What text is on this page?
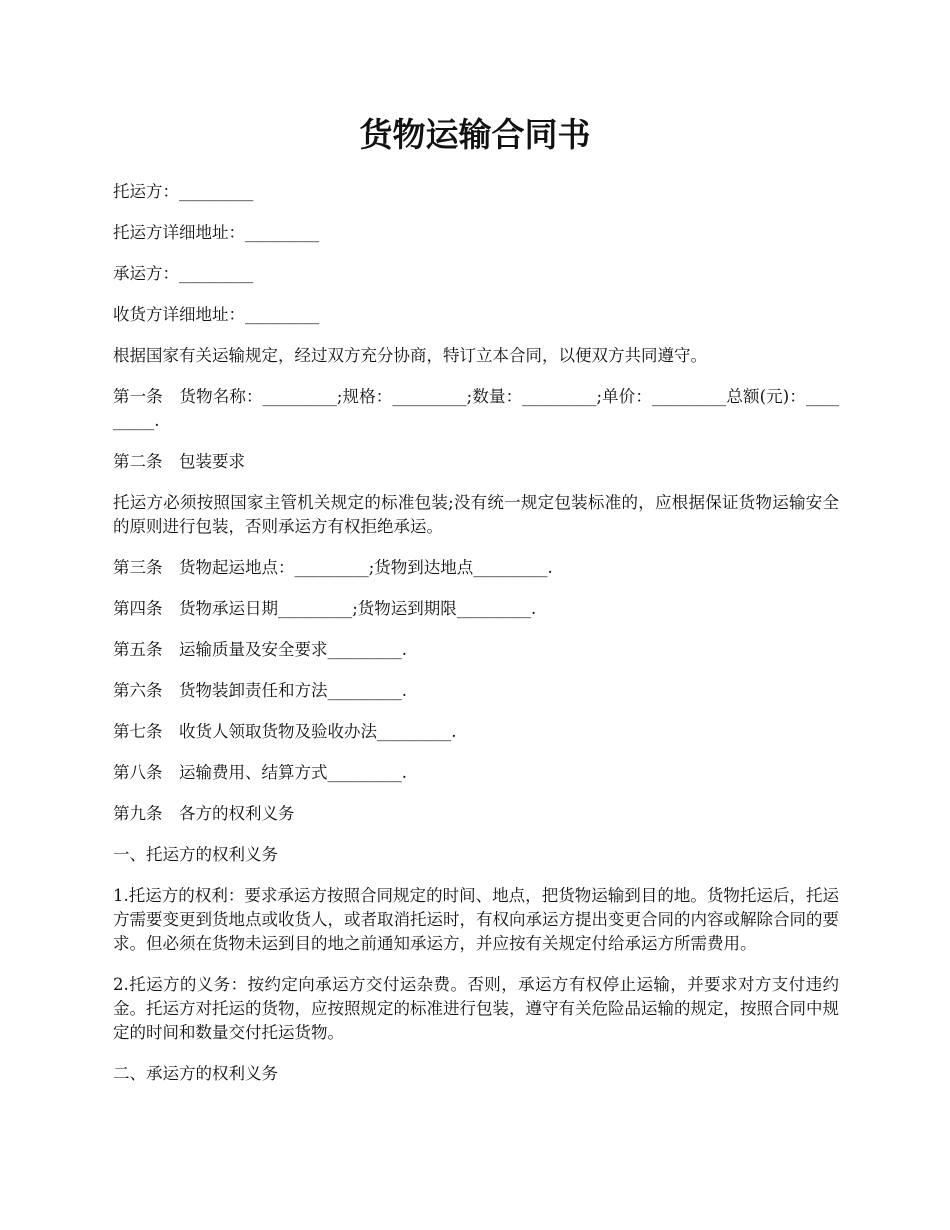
货物运输合同书

托运方：_________

托运方详细地址：_________

承运方：_________

收货方详细地址：_________

根据国家有关运输规定，经过双方充分协商，特订立本合同，以便双方共同遵守。

第一条　货物名称：_________;规格：_________;数量：_________;单价：_________总额(元)：_________.

第二条　包装要求

托运方必须按照国家主管机关规定的标准包装;没有统一规定包装标准的，应根据保证货物运输安全的原则进行包装，否则承运方有权拒绝承运。

第三条　货物起运地点：_________;货物到达地点_________.

第四条　货物承运日期_________;货物运到期限_________.

第五条　运输质量及安全要求_________.

第六条　货物装卸责任和方法_________.

第七条　收货人领取货物及验收办法_________.

第八条　运输费用、结算方式_________.

第九条　各方的权利义务

一、托运方的权利义务

1.托运方的权利：要求承运方按照合同规定的时间、地点，把货物运输到目的地。货物托运后，托运方需要变更到货地点或收货人，或者取消托运时，有权向承运方提出变更合同的内容或解除合同的要求。但必须在货物未运到目的地之前通知承运方，并应按有关规定付给承运方所需费用。

2.托运方的义务：按约定向承运方交付运杂费。否则，承运方有权停止运输，并要求对方支付违约金。托运方对托运的货物，应按照规定的标准进行包装，遵守有关危险品运输的规定，按照合同中规定的时间和数量交付托运货物。

二、承运方的权利义务
